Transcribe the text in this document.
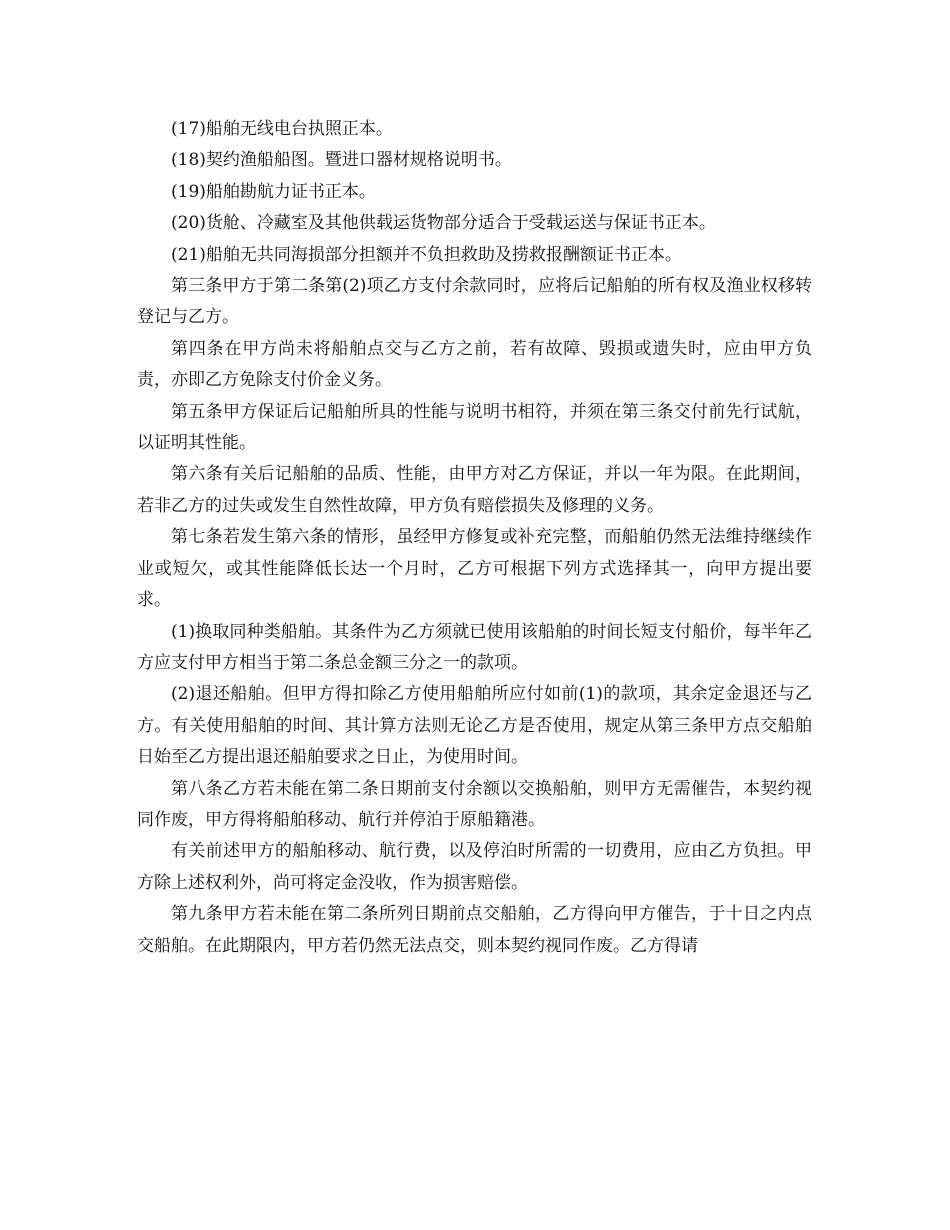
(17)船舶无线电台执照正本。

(18)契约渔船船图。暨进口器材规格说明书。

(19)船舶勘航力证书正本。

(20)货舱、冷藏室及其他供载运货物部分适合于受载运送与保证书正本。

(21)船舶无共同海损部分担额并不负担救助及捞救报酬额证书正本。

第三条甲方于第二条第(2)项乙方支付余款同时，应将后记船舶的所有权及渔业权移转登记与乙方。

第四条在甲方尚未将船舶点交与乙方之前，若有故障、毁损或遗失时，应由甲方负责，亦即乙方免除支付价金义务。

第五条甲方保证后记船舶所具的性能与说明书相符，并须在第三条交付前先行试航，以证明其性能。

第六条有关后记船舶的品质、性能，由甲方对乙方保证，并以一年为限。在此期间，若非乙方的过失或发生自然性故障，甲方负有赔偿损失及修理的义务。

第七条若发生第六条的情形，虽经甲方修复或补充完整，而船舶仍然无法维持继续作业或短欠，或其性能降低长达一个月时，乙方可根据下列方式选择其一，向甲方提出要求。

(1)换取同种类船舶。其条件为乙方须就已使用该船舶的时间长短支付船价，每半年乙方应支付甲方相当于第二条总金额三分之一的款项。

(2)退还船舶。但甲方得扣除乙方使用船舶所应付如前(1)的款项，其余定金退还与乙方。有关使用船舶的时间、其计算方法则无论乙方是否使用，规定从第三条甲方点交船舶日始至乙方提出退还船舶要求之日止，为使用时间。

第八条乙方若未能在第二条日期前支付余额以交换船舶，则甲方无需催告，本契约视同作废，甲方得将船舶移动、航行并停泊于原船籍港。

有关前述甲方的船舶移动、航行费，以及停泊时所需的一切费用，应由乙方负担。甲方除上述权利外，尚可将定金没收，作为损害赔偿。

第九条甲方若未能在第二条所列日期前点交船舶，乙方得向甲方催告，于十日之内点交船舶。在此期限内，甲方若仍然无法点交，则本契约视同作废。乙方得请
